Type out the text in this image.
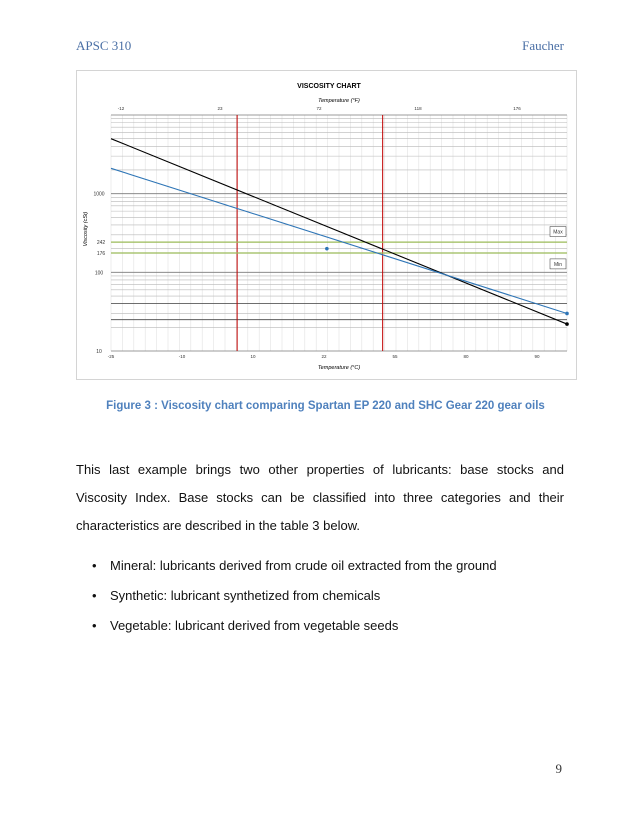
APSC 310	Faucher
VISCOSITY CHART
Temperature (°F)
Temperature (°C)
Viscosity (cSt) 242
176
Max
Min
1000
100
10
-12	23	72	118	176
-25	-10	10	22	55	80	90
Figure 3 : Viscosity chart comparing Spartan EP 220 and SHC Gear 220 gear oils

This last example brings two other properties of lubricants: base stocks and Viscosity Index. Base stocks can be classified into three categories and their characteristics are described in the table 3 below.

• Mineral: lubricants derived from crude oil extracted from the ground
• Synthetic: lubricant synthetized from chemicals
• Vegetable: lubricant derived from vegetable seeds
9
